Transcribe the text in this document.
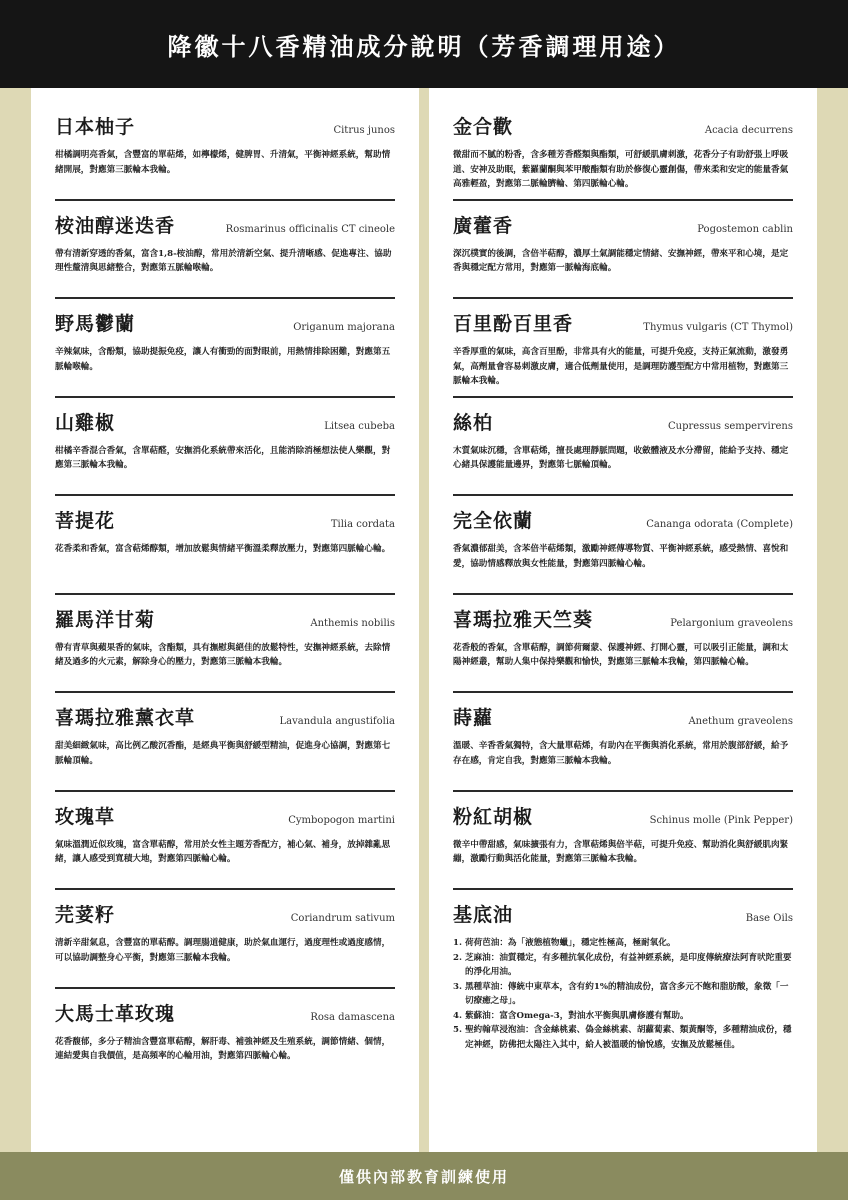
降徽十八香精油成分說明（芳香調理用途）
日本柚子	Citrus junos

柑橘調明亮香氣，含豐富的單萜烯，如檸檬烯，健脾胃、升清氣，平衡神經系統，幫助情緒開展，對應第三脈輪本我輪。

桉油醇迷迭香	Rosmarinus officinalis CT cineole

帶有清新穿透的香氣，富含1,8-桉油醇，常用於清新空氣、提升清晰感、促進專注、協助理性釐清與思緒整合，對應第五脈輪喉輪。

野馬鬱蘭	Origanum majorana

辛辣氣味，含酚類，協助提振免疫，讓人有衝勁的面對眼前，用熱情排除困難，對應第五脈輪喉輪。

山雞椒	Litsea cubeba

柑橘辛香混合香氣，含單萜醛，安撫消化系統帶來活化，且能消除消極想法使人樂觀，對應第三脈輪本我輪。

菩提花	Tilia cordata

花香柔和香氣，富含萜烯醇類，增加放鬆與情緒平衡溫柔釋放壓力，對應第四脈輪心輪。

羅馬洋甘菊	Anthemis nobilis

帶有青草與蘋果香的氣味，含酯類，具有撫慰與絕佳的放鬆特性，安撫神經系統，去除情緒及過多的火元素，解除身心的壓力，對應第三脈輪本我輪。

喜瑪拉雅薰衣草	Lavandula angustifolia

甜美細緻氣味，高比例乙酸沉香酯，是經典平衡與舒緩型精油，促進身心協調，對應第七脈輪頂輪。

玫瑰草	Cymbopogon martini

氣味溫潤近似玫瑰，富含單萜醇，常用於女性主題芳香配方，補心氣、補身，放掉雜亂思緒，讓人感受到寬積大地，對應第四脈輪心輪。

芫荽籽	Coriandrum sativum

清新辛甜氣息，含豐富的單萜醇。調理腸道健康，助於氣血運行，過度理性或過度感情，可以協助調整身心平衡，對應第三脈輪本我輪。

大馬士革玫瑰	Rosa damascena

花香馥郁，多分子精油含豐富單萜醇，解肝毒、補強神經及生殖系統，調節情緒、個情，連結愛與自我價值，是高頻率的心輪用油，對應第四脈輪心輪。

金合歡	Acacia decurrens

微甜而不膩的粉香，含多種芳香醛類與酯類，可舒緩肌膚刺激，花香分子有助舒張上呼吸道、安神及助眠，紫羅蘭酮與苯甲酸酯類有助於修復心靈創傷，帶來柔和安定的能量香氣高雅輕盈，對應第二脈輪臍輪、第四脈輪心輪。

廣藿香	Pogostemon cablin

深沉樸實的後調，含倍半萜醇，濃厚土氣調能穩定情緒、安撫神經，帶來平和心境，是定香與穩定配方常用，對應第一脈輪海底輪。

百里酚百里香	Thymus vulgaris (CT Thymol)

辛香厚重的氣味，高含百里酚，非常具有火的能量，可提升免疫，支持正氣流動，激發勇氣，高劑量會容易刺激皮膚，適合低劑量使用，是調理防護型配方中常用植物，對應第三脈輪本我輪。

絲柏	Cupressus sempervirens

木質氣味沉穩，含單萜烯，擅長處理靜脈問題，收斂體液及水分滯留，能給予支持、穩定心緒具保護能量邊界，對應第七脈輪頂輪。

完全依蘭	Cananga odorata (Complete)

香氣濃郁甜美，含苯倍半萜烯類，激勵神經傳導物質、平衡神經系統，感受熱情、喜悅和愛，協助情感釋放與女性能量，對應第四脈輪心輪。

喜瑪拉雅天竺葵	Pelargonium graveolens

花香般的香氣，含單萜醇，調節荷爾蒙、保護神經、打開心靈，可以吸引正能量，調和太陽神經叢，幫助人集中保持樂觀和愉快，對應第三脈輪本我輪，第四脈輪心輪。

蒔蘿	Anethum graveolens

溫暖、辛香香氣獨特，含大量單萜烯，有助內在平衡與消化系統，常用於腹部舒緩，給予存在感，肯定自我，對應第三脈輪本我輪。

粉紅胡椒	Schinus molle (Pink Pepper)

微辛中帶甜感，氣味擴張有力，含單萜烯與倍半萜，可提升免疫、幫助消化與舒緩肌肉緊繃，激勵行動與活化能量，對應第三脈輪本我輪。

基底油	Base Oils
1. 荷荷芭油：為「液態植物蠟」，穩定性極高，極耐氧化。
2. 芝麻油：油質穩定，有多種抗氧化成份，有益神經系統，是印度傳統療法阿育吠陀重要的淨化用油。
3. 黑種草油：傳統中東草本，含有約1%的精油成份，富含多元不飽和脂肪酸，象徵「一切療癒之母」。
4. 紫蘇油：富含Omega-3，對油水平衡與肌膚修護有幫助。
5. 聖約翰草浸泡油：含金絲桃素、偽金絲桃素、胡蘿蔔素、類黃酮等，多種精油成份，穩定神經，防佛把太陽注入其中，給人被溫暖的愉悅感，安撫及放鬆極佳。
僅供內部教育訓練使用
